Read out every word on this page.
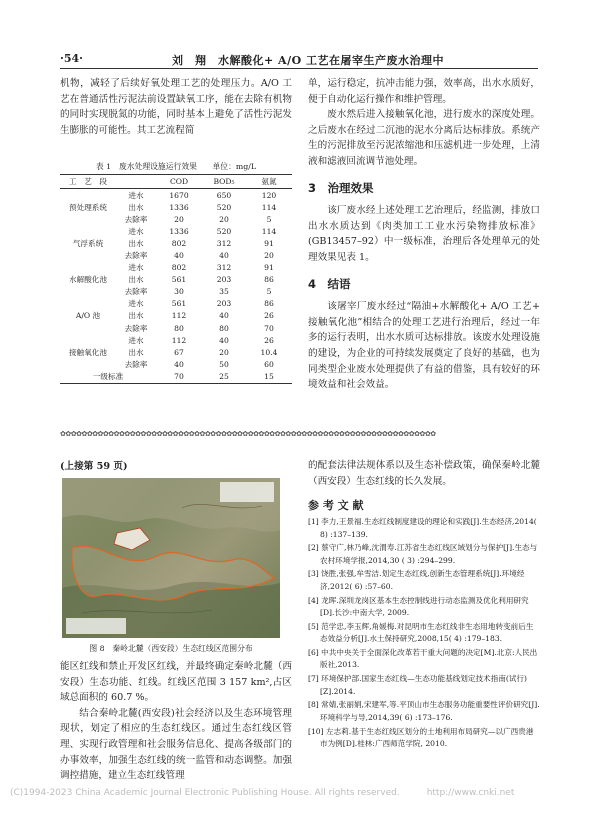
·54·	刘　翔　水解酸化+ A/O 工艺在屠宰生产废水治理中

机物，减轻了后续好氧处理工艺的处理压力。A/O 工艺在普通活性污泥法前设置缺氧工序，能在去除有机物的同时实现脱氮的功能，同时基本上避免了活性污泥发生膨胀的可能性。其工艺流程简

表 1　废水处理设施运行效果　　单位：mg/L
工　艺　段		COD	BOD₅	氨氮
预处理系统	进水	1670	650	120
	出水	1336	520	114
	去除率	20	20	5
气浮系统	进水	1336	520	114
	出水	802	312	91
	去除率	40	40	20
水解酸化池	进水	802	312	91
	出水	561	203	86
	去除率	30	35	5
A/O 池	进水	561	203	86
	出水	112	40	26
	去除率	80	80	70
接触氧化池	进水	112	40	26
	出水	67	20	10.4
	去除率	40	50	60
一级标准		70	25	15

单，运行稳定，抗冲击能力强，效率高，出水水质好，便于自动化运行操作和维护管理。

废水然后进入接触氧化池，进行废水的深度处理。之后废水在经过二沉池的泥水分离后达标排放。系统产生的污泥排放至污泥浓缩池和压滤机进一步处理，上清液和滤液回流调节池处理。

3　治理效果

该厂废水经上述处理工艺治理后，经监测，排放口出水水质达到《肉类加工工业水污染物排放标准》(GB13457–92）中一级标准，治理后各处理单元的处理效果见表 1。

4　结语

该屠宰厂废水经过“隔油+水解酸化+ A/O 工艺+ 接触氧化池”相结合的处理工艺进行治理后，经过一年多的运行表明，出水水质可达标排放。该废水处理设施的建设，为企业的可持续发展奠定了良好的基础，也为同类型企业废水处理提供了有益的借鉴，具有较好的环境效益和社会效益。

✿✿✿✿✿✿✿✿✿✿✿✿✿✿✿✿✿✿✿✿✿✿✿✿✿✿✿✿✿✿✿✿✿✿✿✿✿✿✿✿✿✿✿✿✿✿✿✿✿✿✿✿✿✿✿✿✿✿✿✿✿✿✿✿✿✿✿✿✿✿
(上接第 59 页)
图 8　秦岭北麓（西安段）生态红线区范围分布

能区红线和禁止开发区红线，并最终确定秦岭北麓（西安段）生态功能、红线。红线区范围 3 157 km²,占区域总面积的 60.7 %。

结合秦岭北麓(西安段)社会经济以及生态环境管理现状，划定了相应的生态红线区。通过生态红线区管理、实现行政管理和社会服务信息化、提高各级部门的办事效率，加强生态红线的统一监管和动态调整。加强调控措施，建立生态红线管理

的配套法律法规体系以及生态补偿政策，确保秦岭北麓（西安段）生态红线的长久发展。

参 考 文 献
[1] 李力,王景福.生态红线制度建设的理论和实践[J].生态经济,2014( 8) :137–139.
[2] 蔡守广,林乃峰,沈渭寿.江苏省生态红线区域划分与保护[J].生态与农村环境学报,2014,30 ( 3) :294–299.
[3] 饶胜,张强,牟雪洁.划定生态红线,创新生态管理系统[J].环境经济,2012( 6) :57–60.
[4] 龙晖.深圳龙岗区基本生态控制线进行动态监测及优化利用研究[D].长沙:中南大学, 2009.
[5] 范学忠,李玉辉,角媛梅.对昆明市生态红线非生态用地转变前后生态效益分析[J].水土保持研究,2008,15( 4) :179–183.
[6] 中共中央关于全面深化改革若干重大问题的决定[M].北京:人民出版社,2013.
[7] 环境保护部.国家生态红线—生态功能基线划定技术指南(试行)[Z].2014.
[8] 常婧,张丽娟,宋建军,等.平顶山市生态服务功能重要性评价研究[J].环境科学与导,2014,39( 6) :173–176.
[10] 左志莉.基于生态红线区划分的土地利用布局研究—以广西贵港市为例[D].桂林:广西师范学院, 2010.
(C)1994-2023 China Academic Journal Electronic Publishing House. All rights reserved.　　　http://www.cnki.net
